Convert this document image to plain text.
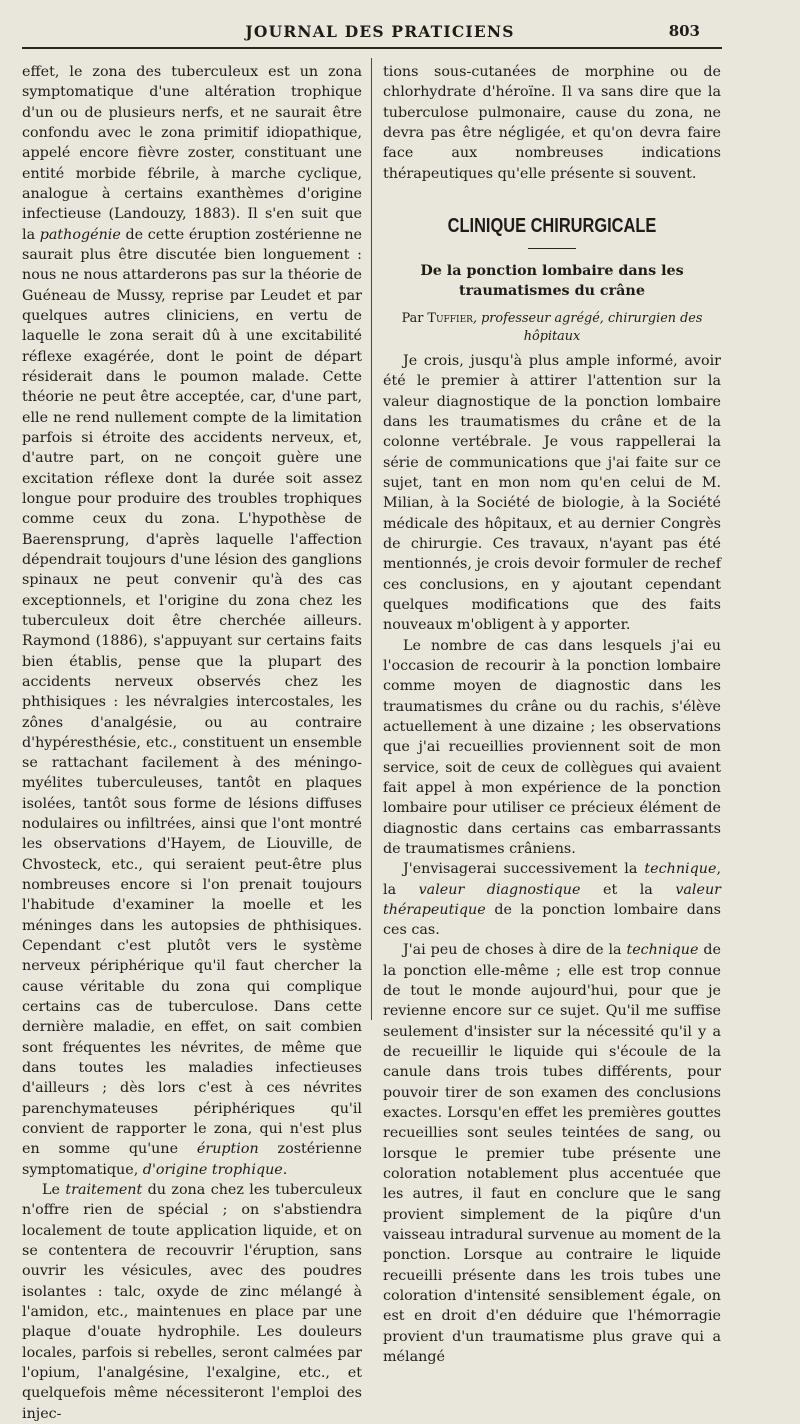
JOURNAL DES PRATICIENS	803

effet, le zona des tuberculeux est un zona symptomatique d'une altération trophique d'un ou de plusieurs nerfs, et ne saurait être confondu avec le zona primitif idiopathique, appelé encore fièvre zoster, constituant une entité morbide fébrile, à marche cyclique, analogue à certains exanthèmes d'origine infectieuse (Landouzy, 1883). Il s'en suit que la pathogénie de cette éruption zostérienne ne saurait plus être discutée bien longuement : nous ne nous attarderons pas sur la théorie de Guéneau de Mussy, reprise par Leudet et par quelques autres cliniciens, en vertu de laquelle le zona serait dû à une excitabilité réflexe exagérée, dont le point de départ résiderait dans le poumon malade. Cette théorie ne peut être acceptée, car, d'une part, elle ne rend nullement compte de la limitation parfois si étroite des accidents nerveux, et, d'autre part, on ne conçoit guère une excitation réflexe dont la durée soit assez longue pour produire des troubles trophiques comme ceux du zona. L'hypothèse de Baerensprung, d'après laquelle l'affection dépendrait toujours d'une lésion des ganglions spinaux ne peut convenir qu'à des cas exceptionnels, et l'origine du zona chez les tuberculeux doit être cherchée ailleurs. Raymond (1886), s'appuyant sur certains faits bien établis, pense que la plupart des accidents nerveux observés chez les phthisiques : les névralgies intercostales, les zônes d'analgésie, ou au contraire d'hypéresthésie, etc., constituent un ensemble se rattachant facilement à des méningo-myélites tuberculeuses, tantôt en plaques isolées, tantôt sous forme de lésions diffuses nodulaires ou infiltrées, ainsi que l'ont montré les observations d'Hayem, de Liouville, de Chvosteck, etc., qui seraient peut-être plus nombreuses encore si l'on prenait toujours l'habitude d'examiner la moelle et les méninges dans les autopsies de phthisiques. Cependant c'est plutôt vers le système nerveux périphérique qu'il faut chercher la cause véritable du zona qui complique certains cas de tuberculose. Dans cette dernière maladie, en effet, on sait combien sont fréquentes les névrites, de même que dans toutes les maladies infectieuses d'ailleurs ; dès lors c'est à ces névrites parenchymateuses périphériques qu'il convient de rapporter le zona, qui n'est plus en somme qu'une éruption zostérienne symptomatique, d'origine trophique.

Le traitement du zona chez les tuberculeux n'offre rien de spécial ; on s'abstiendra localement de toute application liquide, et on se contentera de recouvrir l'éruption, sans ouvrir les vésicules, avec des poudres isolantes : talc, oxyde de zinc mélangé à l'amidon, etc., maintenues en place par une plaque d'ouate hydrophile. Les douleurs locales, parfois si rebelles, seront calmées par l'opium, l'analgésine, l'exalgine, etc., et quelquefois même nécessiteront l'emploi des injec-

tions sous-cutanées de morphine ou de chlorhydrate d'héroïne. Il va sans dire que la tuberculose pulmonaire, cause du zona, ne devra pas être négligée, et qu'on devra faire face aux nombreuses indications thérapeutiques qu'elle présente si souvent.

CLINIQUE CHIRURGICALE
De la ponction lombaire dans les traumatismes du crâne
Par Tuffier, professeur agrégé, chirurgien des hôpitaux

Je crois, jusqu'à plus ample informé, avoir été le premier à attirer l'attention sur la valeur diagnostique de la ponction lombaire dans les traumatismes du crâne et de la colonne vertébrale. Je vous rappellerai la série de communications que j'ai faite sur ce sujet, tant en mon nom qu'en celui de M. Milian, à la Société de biologie, à la Société médicale des hôpitaux, et au dernier Congrès de chirurgie. Ces travaux, n'ayant pas été mentionnés, je crois devoir formuler de rechef ces conclusions, en y ajoutant cependant quelques modifications que des faits nouveaux m'obligent à y apporter.

Le nombre de cas dans lesquels j'ai eu l'occasion de recourir à la ponction lombaire comme moyen de diagnostic dans les traumatismes du crâne ou du rachis, s'élève actuellement à une dizaine ; les observations que j'ai recueillies proviennent soit de mon service, soit de ceux de collègues qui avaient fait appel à mon expérience de la ponction lombaire pour utiliser ce précieux élément de diagnostic dans certains cas embarrassants de traumatismes crâniens.

J'envisagerai successivement la technique, la valeur diagnostique et la valeur thérapeutique de la ponction lombaire dans ces cas.

J'ai peu de choses à dire de la technique de la ponction elle-même ; elle est trop connue de tout le monde aujourd'hui, pour que je revienne encore sur ce sujet. Qu'il me suffise seulement d'insister sur la nécessité qu'il y a de recueillir le liquide qui s'écoule de la canule dans trois tubes différents, pour pouvoir tirer de son examen des conclusions exactes. Lorsqu'en effet les premières gouttes recueillies sont seules teintées de sang, ou lorsque le premier tube présente une coloration notablement plus accentuée que les autres, il faut en conclure que le sang provient simplement de la piqûre d'un vaisseau intradural survenue au moment de la ponction. Lorsque au contraire le liquide recueilli présente dans les trois tubes une coloration d'intensité sensiblement égale, on est en droit d'en déduire que l'hémorragie provient d'un traumatisme plus grave qui a mélangé
